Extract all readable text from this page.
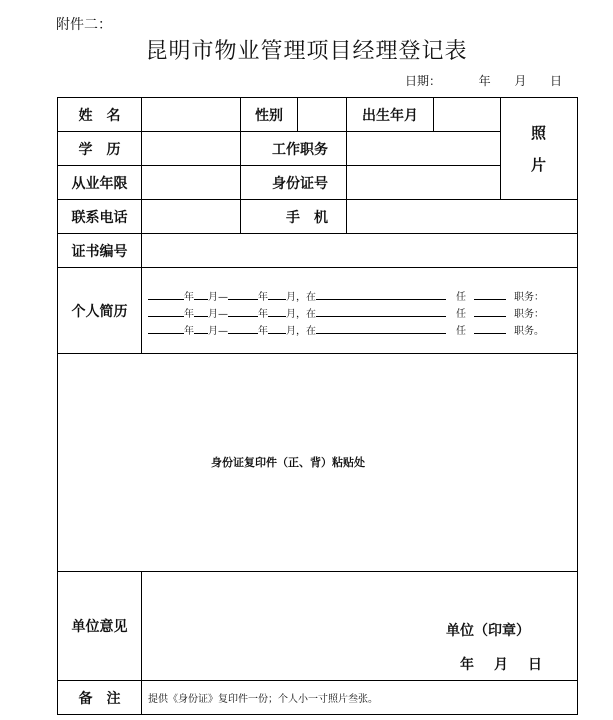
附件二：
昆明市物业管理项目经理登记表
日期：	年 月 日
姓　名	性别	出生年月
照
片
学　历	工作职务
从业年限	身份证号
联系电话	手　机
证书编号
个人简历
年 月—	年 月，在	任	职务：
年 月—	年 月，在	任	职务：
年 月—	年 月，在	任	职务。
身份证复印件（正、背）粘贴处
单位意见	单位（印章）
年 月 日
备　注	提供《身份证》复印件一份；个人小一寸照片叁张。
